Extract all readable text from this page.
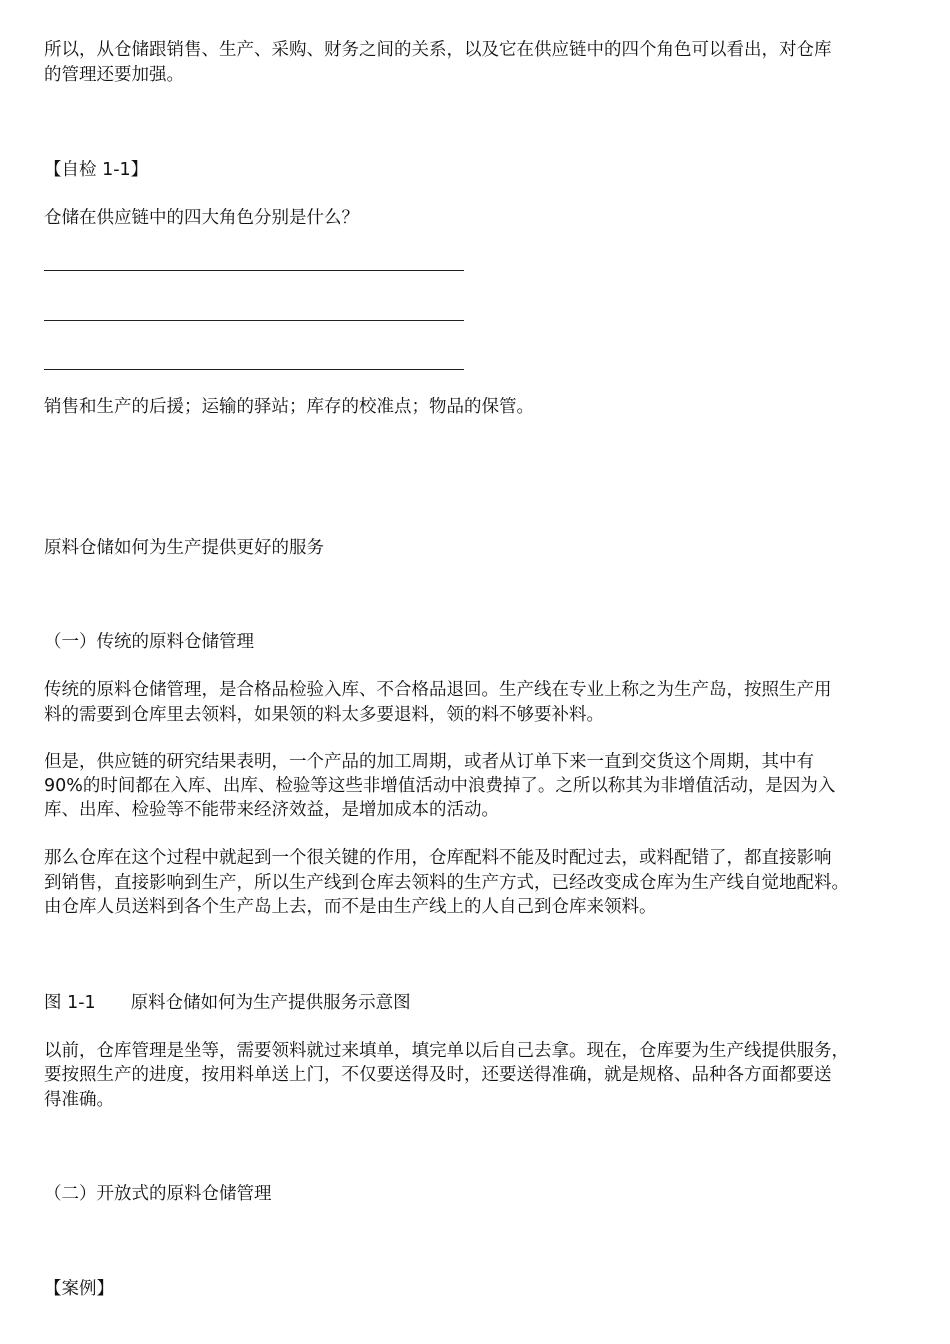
所以，从仓储跟销售、生产、采购、财务之间的关系，以及它在供应链中的四个角色可以看出，对仓库

的管理还要加强。

【自检 1-1】

仓储在供应链中的四大角色分别是什么？

销售和生产的后援；运输的驿站；库存的校准点；物品的保管。

原料仓储如何为生产提供更好的服务

（一）传统的原料仓储管理

传统的原料仓储管理，是合格品检验入库、不合格品退回。生产线在专业上称之为生产岛，按照生产用

料的需要到仓库里去领料，如果领的料太多要退料，领的料不够要补料。

但是，供应链的研究结果表明，一个产品的加工周期，或者从订单下来一直到交货这个周期，其中有

90%的时间都在入库、出库、检验等这些非增值活动中浪费掉了。之所以称其为非增值活动，是因为入

库、出库、检验等不能带来经济效益，是增加成本的活动。

那么仓库在这个过程中就起到一个很关键的作用，仓库配料不能及时配过去，或料配错了，都直接影响

到销售，直接影响到生产，所以生产线到仓库去领料的生产方式，已经改变成仓库为生产线自觉地配料。

由仓库人员送料到各个生产岛上去，而不是由生产线上的人自己到仓库来领料。

图 1-1　　原料仓储如何为生产提供服务示意图

以前，仓库管理是坐等，需要领料就过来填单，填完单以后自己去拿。现在，仓库要为生产线提供服务，

要按照生产的进度，按用料单送上门，不仅要送得及时，还要送得准确，就是规格、品种各方面都要送

得准确。

（二）开放式的原料仓储管理

【案例】
